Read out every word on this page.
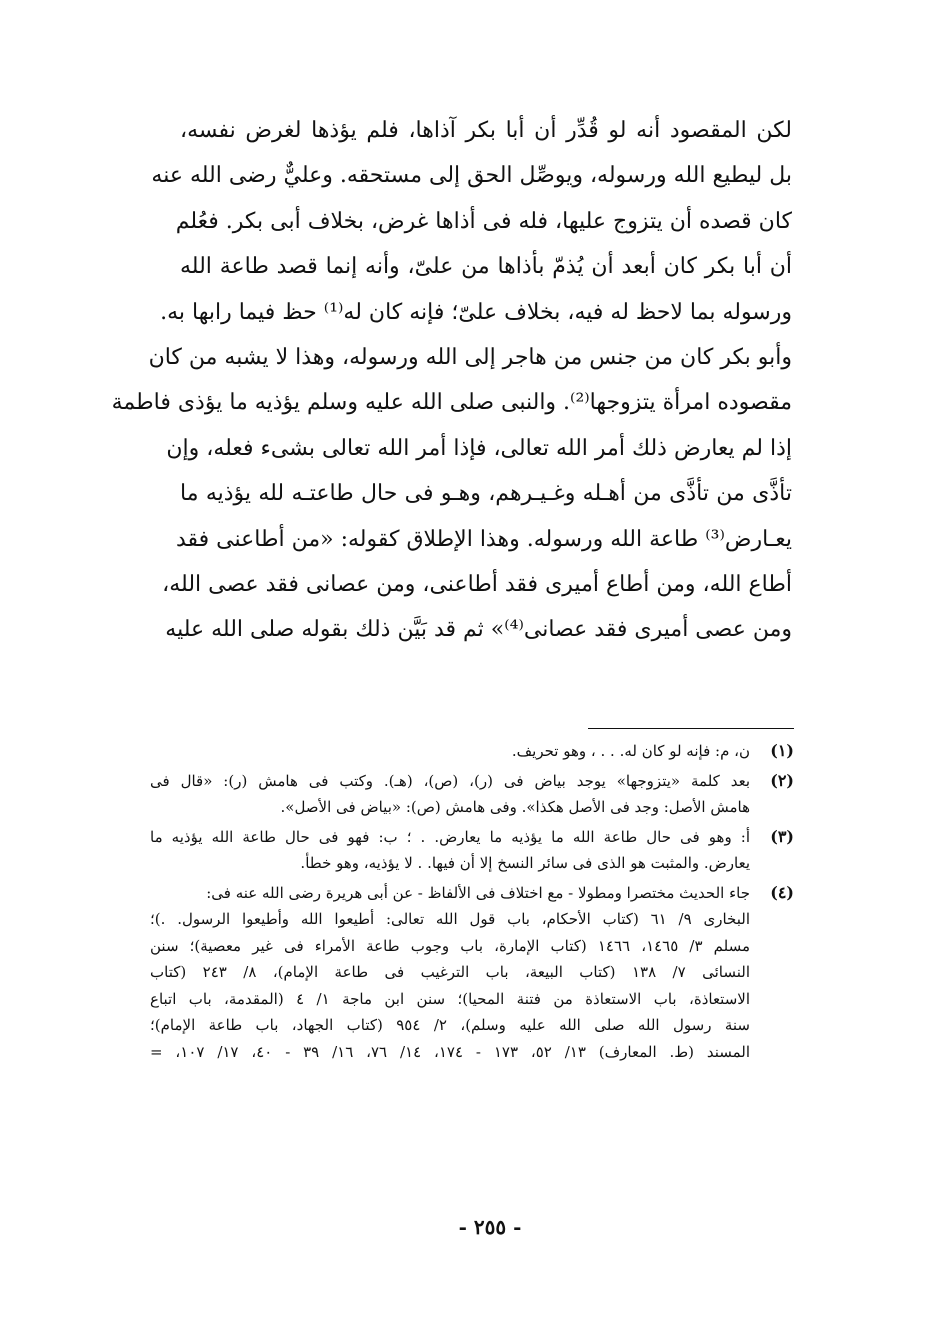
لكن المقصود أنه لو قُدِّر أن أبا بكر آذاها، فلم يؤذها لغرض نفسه،
بل ليطيع الله ورسوله، ويوصِّل الحق إلى مستحقه. وعليٌّ رضى الله عنه
كان قصده أن يتزوج عليها، فله فى أذاها غرض، بخلاف أبى بكر. فعُلم
أن أبا بكر كان أبعد أن يُذمّ بأذاها من علىّ، وأنه إنما قصد طاعة الله
ورسوله بما لاحظ له فيه، بخلاف علىّ؛ فإنه كان له⁽¹⁾ حظ فيما رابها به.
وأبو بكر كان من جنس من هاجر إلى الله ورسوله، وهذا لا يشبه من كان
مقصوده امرأة يتزوجها⁽²⁾. والنبى صلى الله عليه وسلم يؤذيه ما يؤذى فاطمة
إذا لم يعارض ذلك أمر الله تعالى، فإذا أمر الله تعالى بشىء فعله، وإن
تأذَّى من تأذَّى من أهـله وغـيـرهم، وهـو فى حال طاعتـه لله يؤذيه ما
يعـارض⁽³⁾ طاعة الله ورسوله. وهذا الإطلاق كقوله: «من أطاعنى فقد
أطاع الله، ومن أطاع أميرى فقد أطاعنى، ومن عصانى فقد عصى الله،
ومن عصى أميرى فقد عصانى⁽⁴⁾» ثم قد بَيَّن ذلك بقوله صلى الله عليه
(١)
ن، م: فإنه لو كان له. . . ، وهو تحريف.
(٢)
بعد كلمة «يتزوجها» يوجد بياض فى (ر)، (ص)، (هـ). وكتب فى هامش (ر): «قال فى
هامش الأصل: وجد فى الأصل هكذا». وفى هامش (ص): «بياض فى الأصل».
(٣)
أ: وهو فى حال طاعة الله ما يؤذيه ما يعارض. . ؛ ب: فهو فى حال طاعة الله يؤذيه ما
يعارض. والمثبت هو الذى فى سائر النسخ إلا أن فيها. . لا يؤذيه، وهو خطأ.
(٤)
جاء الحديث مختصرا ومطولا - مع اختلاف فى الألفاظ - عن أبى هريرة رضى الله عنه فى:
البخارى ٩/ ٦١ (كتاب الأحكام، باب قول الله تعالى: أطيعوا الله وأطيعوا الرسول. .)؛
مسلم ٣/ ١٤٦٥، ١٤٦٦ (كتاب الإمارة، باب وجوب طاعة الأمراء فى غير معصية)؛ سنن
النسائى ٧/ ١٣٨ (كتاب البيعة، باب الترغيب فى طاعة الإمام)، ٨/ ٢٤٣ (كتاب
الاستعاذة، باب الاستعاذة من فتنة المحيا)؛ سنن ابن ماجة ١/ ٤ (المقدمة، باب اتباع
سنة رسول الله صلى الله عليه وسلم)، ٢/ ٩٥٤ (كتاب الجهاد، باب طاعة الإمام)؛
المسند (ط. المعارف) ١٣/ ٥٢، ١٧٣ - ١٧٤، ١٤/ ٧٦، ١٦/ ٣٩ - ٤٠، ١٧/ ١٠٧، =
- ٢٥٥ -
